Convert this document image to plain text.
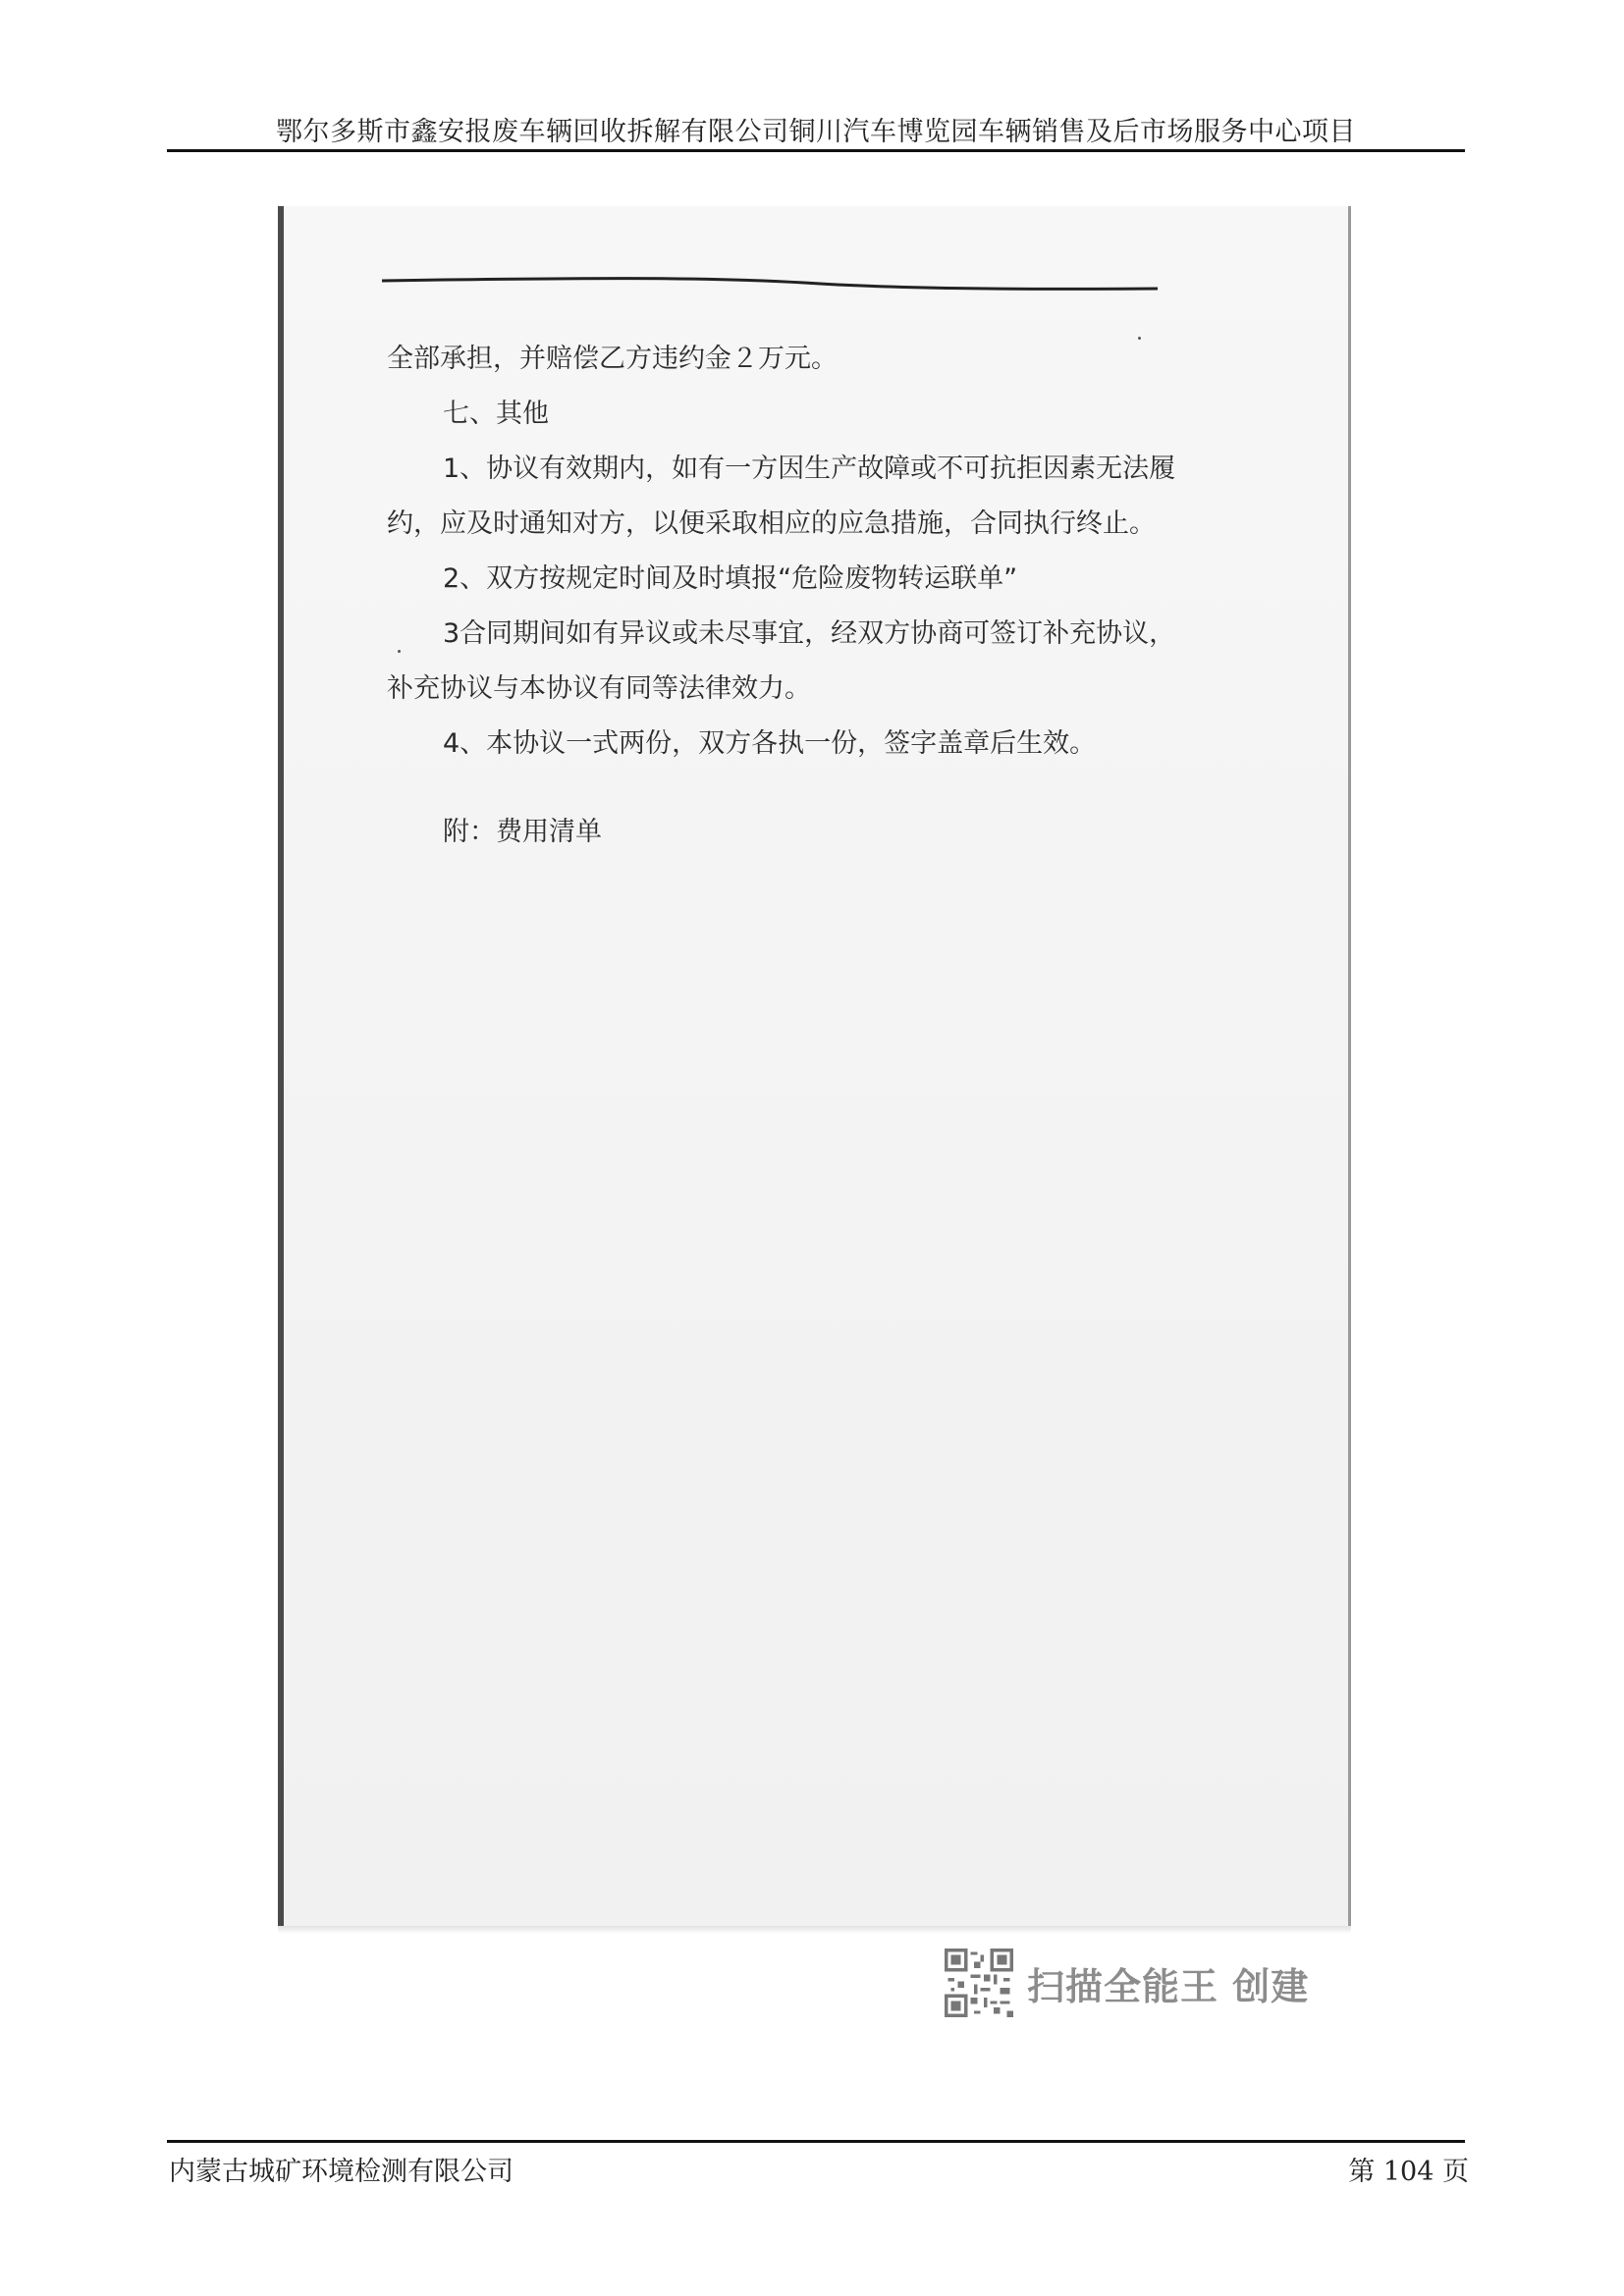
鄂尔多斯市鑫安报废车辆回收拆解有限公司铜川汽车博览园车辆销售及后市场服务中心项目

全部承担，并赔偿乙方违约金２万元。

七、其他

1、协议有效期内，如有一方因生产故障或不可抗拒因素无法履

约，应及时通知对方，以便采取相应的应急措施，合同执行终止。

2、双方按规定时间及时填报“危险废物转运联单”

3合同期间如有异议或未尽事宜，经双方协商可签订补充协议，

补充协议与本协议有同等法律效力。

4、本协议一式两份，双方各执一份，签字盖章后生效。

附：费用清单

扫描全能王 创建
内蒙古城矿环境检测有限公司	第 104 页
